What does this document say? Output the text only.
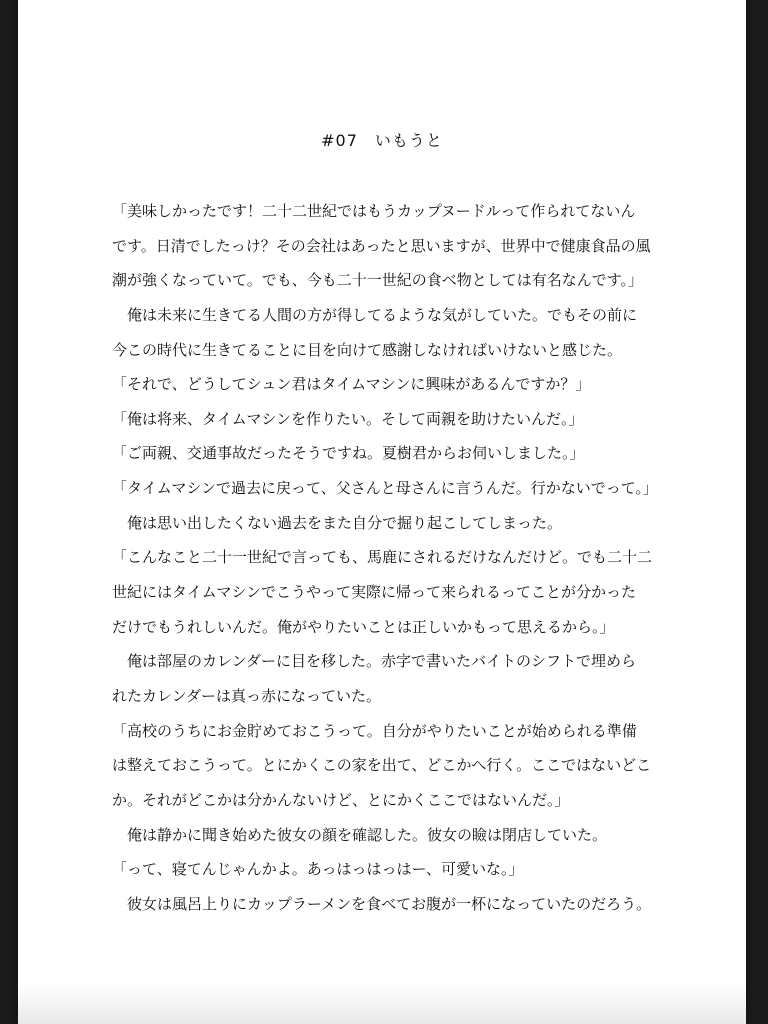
#07　いもうと
「美味しかったです！二十二世紀ではもうカップヌードルって作られてないん
です。日清でしたっけ？その会社はあったと思いますが、世界中で健康食品の風
潮が強くなっていて。でも、今も二十一世紀の食べ物としては有名なんです。」
　俺は未来に生きてる人間の方が得してるような気がしていた。でもその前に
今この時代に生きてることに目を向けて感謝しなければいけないと感じた。
「それで、どうしてシュン君はタイムマシンに興味があるんですか？」
「俺は将来、タイムマシンを作りたい。そして両親を助けたいんだ。」
「ご両親、交通事故だったそうですね。夏樹君からお伺いしました。」
「タイムマシンで過去に戻って、父さんと母さんに言うんだ。行かないでって。」
　俺は思い出したくない過去をまた自分で掘り起こしてしまった。
「こんなこと二十一世紀で言っても、馬鹿にされるだけなんだけど。でも二十二
世紀にはタイムマシンでこうやって実際に帰って来られるってことが分かった
だけでもうれしいんだ。俺がやりたいことは正しいかもって思えるから。」
　俺は部屋のカレンダーに目を移した。赤字で書いたバイトのシフトで埋めら
れたカレンダーは真っ赤になっていた。
「高校のうちにお金貯めておこうって。自分がやりたいことが始められる準備
は整えておこうって。とにかくこの家を出て、どこかへ行く。ここではないどこ
か。それがどこかは分かんないけど、とにかくここではないんだ。」
　俺は静かに聞き始めた彼女の顔を確認した。彼女の瞼は閉店していた。
「って、寝てんじゃんかよ。あっはっはっはー、可愛いな。」
　彼女は風呂上りにカップラーメンを食べてお腹が一杯になっていたのだろう。
